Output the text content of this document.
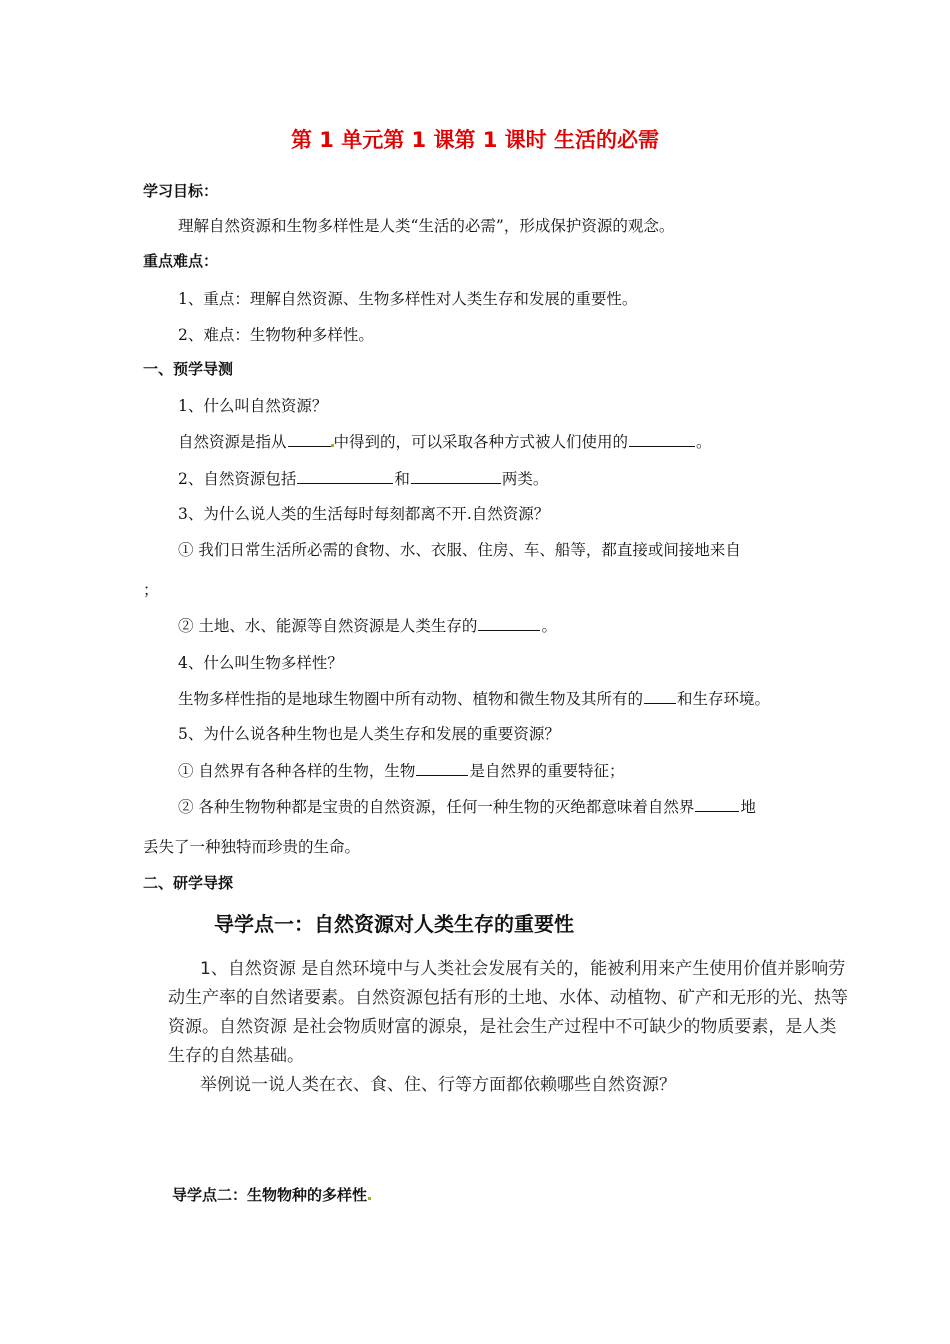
第 1 单元第 1 课第 1 课时 生活的必需
学习目标：
理解自然资源和生物多样性是人类“生活的必需”，形成保护资源的观念。
重点难点：
1、重点：理解自然资源、生物多样性对人类生存和发展的重要性。
2、难点：生物物种多样性。
一、预学导测
1、什么叫自然资源？
自然资源是指从	中得到的，可以采取各种方式被人们使用的	。
2、自然资源包括	和	两类。
3、为什么说人类的生活每时每刻都离不开.自然资源？
① 我们日常生活所必需的食物、水、衣服、住房、车、船等，都直接或间接地来自
；
② 土地、水、能源等自然资源是人类生存的	。
4、什么叫生物多样性？
生物多样性指的是地球生物圈中所有动物、植物和微生物及其所有的 和生存环境。
5、为什么说各种生物也是人类生存和发展的重要资源？
① 自然界有各种各样的生物，生物	是自然界的重要特征；
② 各种生物物种都是宝贵的自然资源，任何一种生物的灭绝都意味着自然界	地
丢失了一种独特而珍贵的生命。
二、研学导探
导学点一：自然资源对人类生存的重要性
1、自然资源 是自然环境中与人类社会发展有关的，能被利用来产生使用价值并影响劳
动生产率的自然诸要素。自然资源包括有形的土地、水体、动植物、矿产和无形的光、热等
资源。自然资源 是社会物质财富的源泉，是社会生产过程中不可缺少的物质要素，是人类
生存的自然基础。
举例说一说人类在衣、食、住、行等方面都依赖哪些自然资源？
导学点二：生物物种的多样性
